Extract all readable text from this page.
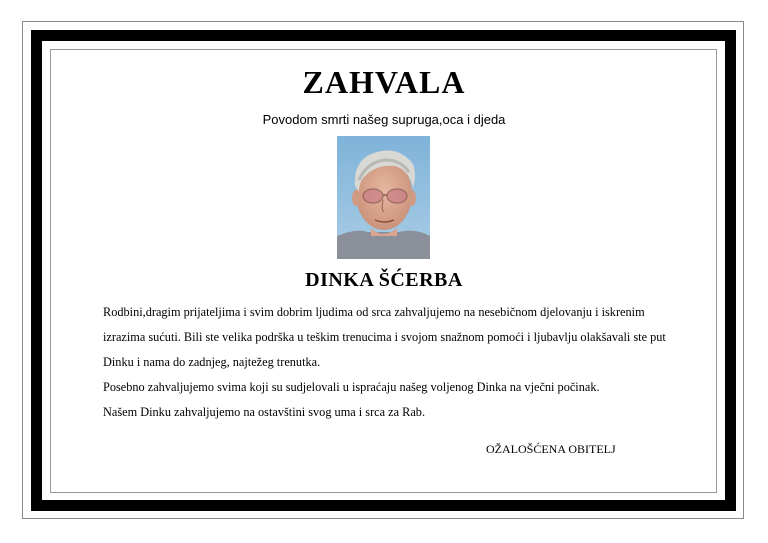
ZAHVALA
Povodom smrti našeg supruga,oca i djeda
DINKA ŠĆERBA

Rodbini,dragim prijateljima i svim dobrim ljudima od srca zahvaljujemo na nesebičnom djelovanju i iskrenim izrazima sućuti. Bili ste velika podrška u teškim trenucima i svojom snažnom pomoći i ljubavlju olakšavali ste put Dinku i nama do zadnjeg, najtežeg trenutka.

Posebno zahvaljujemo svima koji su sudjelovali u ispraćaju našeg voljenog Dinka na vječni počinak.

Našem Dinku zahvaljujemo na ostavštini svog uma i srca za Rab.

OŽALOŠĆENA OBITELJ
